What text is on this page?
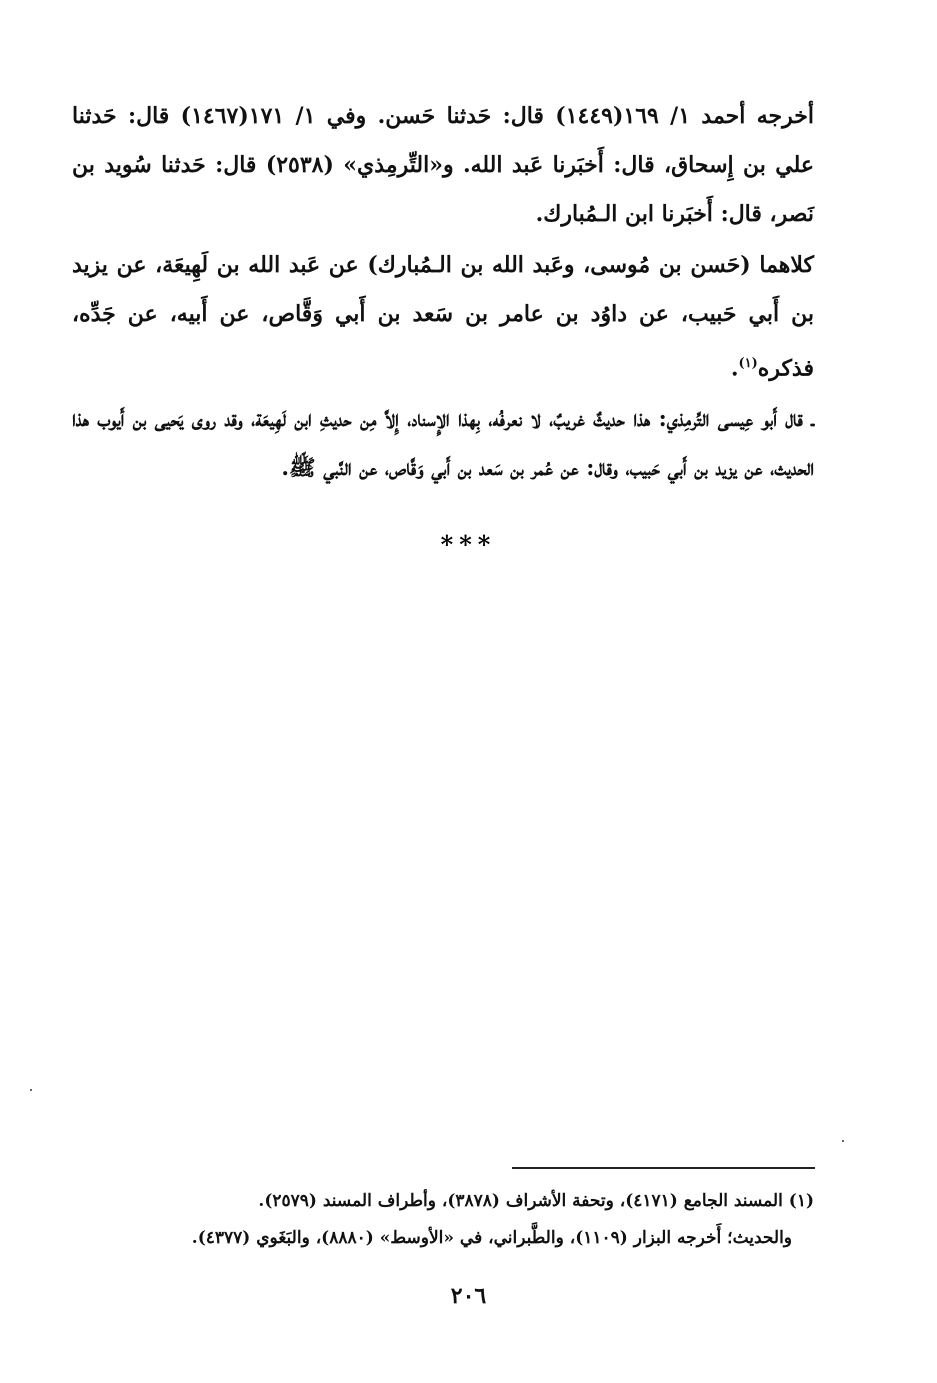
أخرجه أحمد ١/ ١٦٩(١٤٤٩) قال: حَدثنا حَسن. وفي ١/ ١٧١(١٤٦٧) قال: حَدثنا علي بن إِسحاق، قال: أَخبَرنا عَبد الله. و«التِّرمِذي» (٢٥٣٨) قال: حَدثنا سُويد بن نَصر، قال: أَخبَرنا ابن الـمُبارك.

كلاهما (حَسن بن مُوسى، وعَبد الله بن الـمُبارك) عن عَبد الله بن لَهِيعَة، عن يزيد بن أَبي حَبيب، عن داوُد بن عامر بن سَعد بن أَبي وَقَّاص، عن أَبيه، عن جَدِّه، فذكره$^{(١)}$.

ـ قال أَبو عِيسى التِّرمِذي: هذا حديثٌ غريبٌ، لا نعرفُه، بِهذا الإِسناد، إِلاَّ مِن حديثِ ابن لَهِيعَة، وقد روى يَحيى بن أَيوب هذا الحديث، عن يزيد بن أَبي حَبيب، وقال: عن عُمر بن سَعد بن أَبي وَقَّاص، عن النَّبي ﷺ.

***

(١) المسند الجامع (٤١٧١)، وتحفة الأشراف (٣٨٧٨)، وأطراف المسند (٢٥٧٩).

والحديث؛ أَخرجه البزار (١١٠٩)، والطَّبراني، في «الأوسط» (٨٨٨٠)، والبَغَوي (٤٣٧٧).

٢٠٦
